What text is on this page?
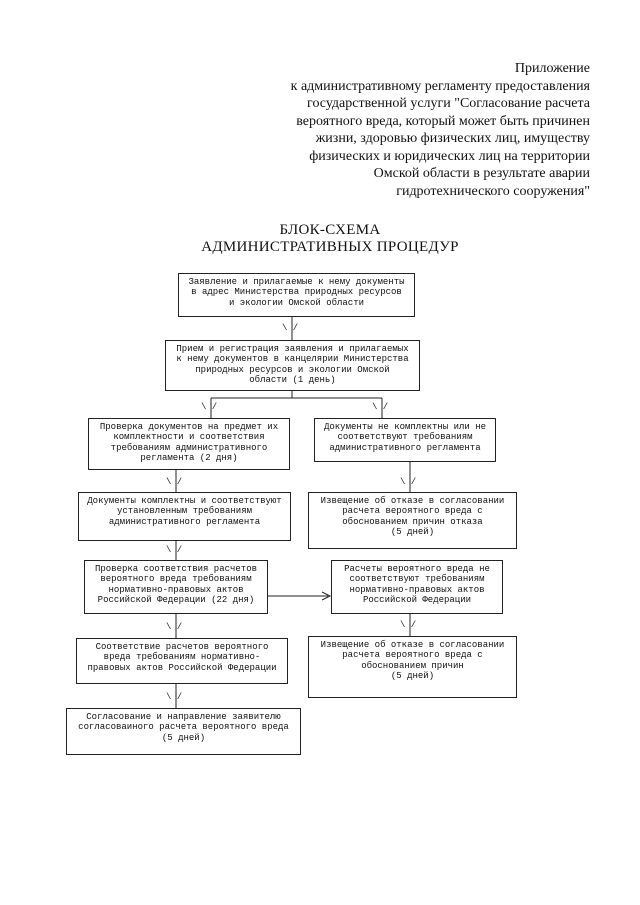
Приложение
к административному регламенту предоставления
государственной услуги "Согласование расчета
вероятного вреда, который может быть причинен
жизни, здоровью физических лиц, имуществу
физических и юридических лиц на территории
Омской области в результате аварии
гидротехнического сооружения"
БЛОК-СХЕМА
АДМИНИСТРАТИВНЫХ ПРОЦЕДУР
\ /
\ /	\ /
\ /	\ /
\ /
\ /	\ /
\ /
Заявление и прилагаемые к нему документы
в адрес Министерства природных ресурсов
и экологии Омской области
Прием и регистрация заявления и прилагаемых
к нему документов в канцелярии Министерства
природных ресурсов и экологии Омской
области (1 день)
Проверка документов на предмет их
комплектности и соответствия
требованиям административного
регламента (2 дня)
Документы не комплектны или не
соответствуют требованиям
административного регламента
Документы комплектны и соответствуют
установленным требованиям
административного регламента
Извещение об отказе в согласовании
расчета вероятного вреда с
обоснованием причин отказа
(5 дней)
Проверка соответствия расчетов
вероятного вреда требованиям
нормативно-правовых актов
Российской Федерации (22 дня)
Расчеты вероятного вреда не
соответствуют требованиям
нормативно-правовых актов
Российской Федерации
Соответствие расчетов вероятного
вреда требованиям нормативно-
правовых актов Российской Федерации
Извещение об отказе в согласовании
расчета вероятного вреда с
обоснованием причин
(5 дней)
Согласование и направление заявителю
согласоваиного расчета вероятного вреда
(5 дней)
